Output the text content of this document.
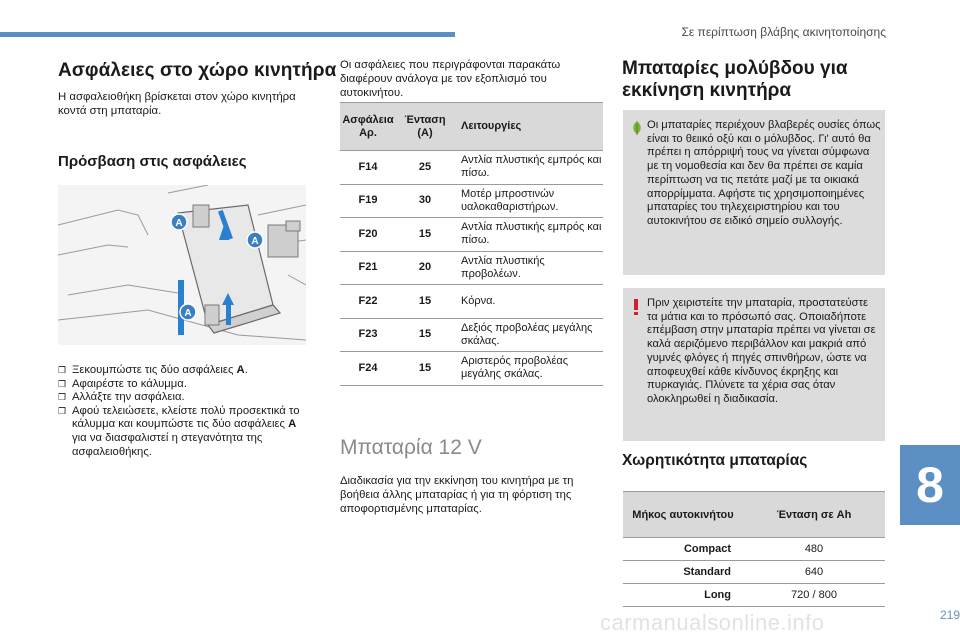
Σε περίπτωση βλάβης ακινητοποίησης
Ασφάλειες στο χώρο κινητήρα

Η ασφαλειοθήκη βρίσκεται στον χώρο κινητήρα κοντά στη μπαταρία.

Πρόσβαση στις ασφάλειες
A
A
A
❐ Ξεκουμπώστε τις δύο ασφάλειες A.
❐ Αφαιρέστε το κάλυμμα.
❐ Αλλάξτε την ασφάλεια.
❐ Αφού τελειώσετε, κλείστε πολύ προσεκτικά το κάλυμμα και κουμπώστε τις δύο ασφάλειες A για να διασφαλιστεί η στεγανότητα της ασφαλειοθήκης.

Οι ασφάλειες που περιγράφονται παρακάτω διαφέρουν ανάλογα με τον εξοπλισμό του αυτοκινήτου.

Ασφάλεια Αρ.	Ένταση (A)	Λειτουργίες
F14	25	Αντλία πλυστικής εμπρός και πίσω.
F19	30	Μοτέρ μπροστινών υαλοκαθαριστήρων.
F20	15	Αντλία πλυστικής εμπρός και πίσω.
F21	20	Αντλία πλυστικής προβολέων.
F22	15	Κόρνα.
F23	15	Δεξιός προβολέας μεγάλης σκάλας.
F24	15	Αριστερός προβολέας μεγάλης σκάλας.
Μπαταρία 12 V

Διαδικασία για την εκκίνηση του κινητήρα με τη βοήθεια άλλης μπαταρίας ή για τη φόρτιση της αποφορτισμένης μπαταρίας.

Μπαταρίες μολύβδου για εκκίνηση κινητήρα

Οι μπαταρίες περιέχουν βλαβερές ουσίες όπως είναι το θειικό οξύ και ο μόλυβδος. Γι' αυτό θα πρέπει η απόρριψή τους να γίνεται σύμφωνα με τη νομοθεσία και δεν θα πρέπει σε καμία περίπτωση να τις πετάτε μαζί με τα οικιακά απορρίμματα. Αφήστε τις χρησιμοποιημένες μπαταρίες του τηλεχειριστηρίου και του αυτοκινήτου σε ειδικό σημείο συλλογής.

Πριν χειριστείτε την μπαταρία, προστατεύστε τα μάτια και το πρόσωπό σας. Οποιαδήποτε επέμβαση στην μπαταρία πρέπει να γίνεται σε καλά αεριζόμενο περιβάλλον και μακριά από γυμνές φλόγες ή πηγές σπινθήρων, ώστε να αποφευχθεί κάθε κίνδυνος έκρηξης και πυρκαγιάς. Πλύνετε τα χέρια σας όταν ολοκληρωθεί η διαδικασία.

Χωρητικότητα μπαταρίας
Μήκος αυτοκινήτου	Ένταση σε Ah
Compact	480
Standard	640
Long	720 / 800
8
carmanualsonline.info	219
